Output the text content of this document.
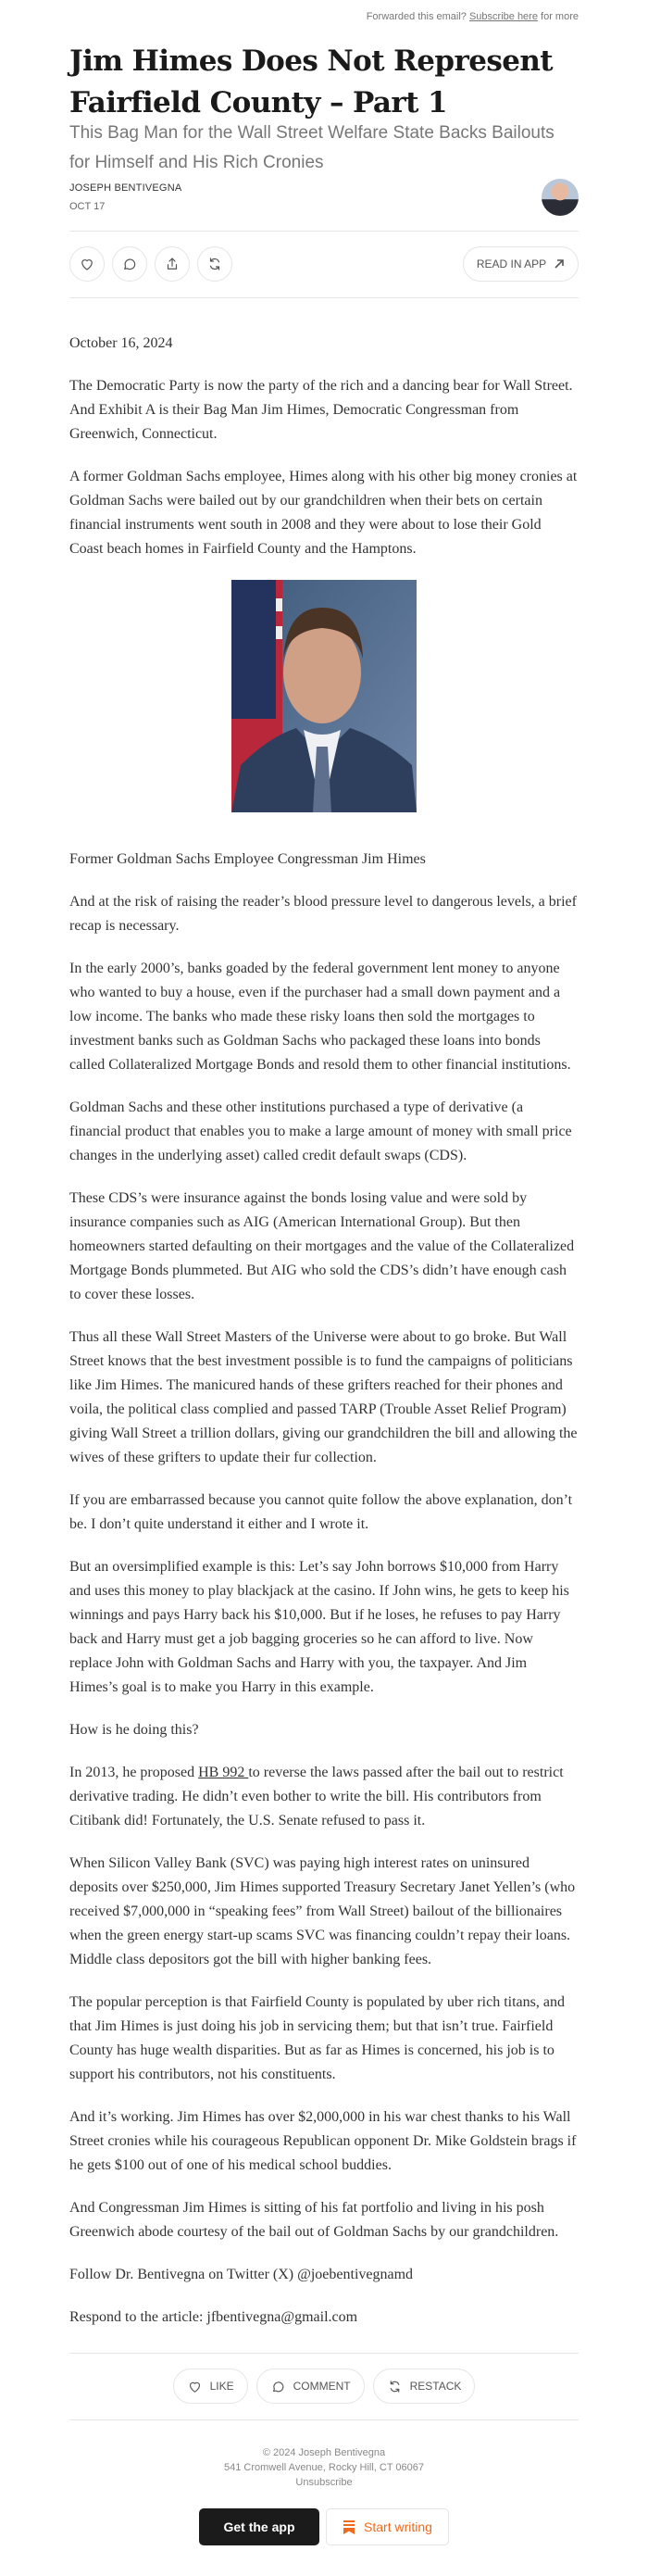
Forwarded this email? Subscribe here for more
Jim Himes Does Not Represent Fairfield County – Part 1
This Bag Man for the Wall Street Welfare State Backs Bailouts for Himself and His Rich Cronies
JOSEPH BENTIVEGNA
OCT 17
READ IN APP

October 16, 2024

The Democratic Party is now the party of the rich and a dancing bear for Wall Street. And Exhibit A is their Bag Man Jim Himes, Democratic Congressman from Greenwich, Connecticut.

A former Goldman Sachs employee, Himes along with his other big money cronies at Goldman Sachs were bailed out by our grandchildren when their bets on certain financial instruments went south in 2008 and they were about to lose their Gold Coast beach homes in Fairfield County and the Hamptons.

Former Goldman Sachs Employee Congressman Jim Himes

And at the risk of raising the reader’s blood pressure level to dangerous levels, a brief recap is necessary.

In the early 2000’s, banks goaded by the federal government lent money to anyone who wanted to buy a house, even if the purchaser had a small down payment and a low income. The banks who made these risky loans then sold the mortgages to investment banks such as Goldman Sachs who packaged these loans into bonds called Collateralized Mortgage Bonds and resold them to other financial institutions.

Goldman Sachs and these other institutions purchased a type of derivative (a financial product that enables you to make a large amount of money with small price changes in the underlying asset) called credit default swaps (CDS).

These CDS’s were insurance against the bonds losing value and were sold by insurance companies such as AIG (American International Group). But then homeowners started defaulting on their mortgages and the value of the Collateralized Mortgage Bonds plummeted. But AIG who sold the CDS’s didn’t have enough cash to cover these losses.

Thus all these Wall Street Masters of the Universe were about to go broke. But Wall Street knows that the best investment possible is to fund the campaigns of politicians like Jim Himes. The manicured hands of these grifters reached for their phones and voila, the political class complied and passed TARP (Trouble Asset Relief Program) giving Wall Street a trillion dollars, giving our grandchildren the bill and allowing the wives of these grifters to update their fur collection.

If you are embarrassed because you cannot quite follow the above explanation, don’t be. I don’t quite understand it either and I wrote it.

But an oversimplified example is this: Let’s say John borrows $10,000 from Harry and uses this money to play blackjack at the casino. If John wins, he gets to keep his winnings and pays Harry back his $10,000. But if he loses, he refuses to pay Harry back and Harry must get a job bagging groceries so he can afford to live. Now replace John with Goldman Sachs and Harry with you, the taxpayer. And Jim Himes’s goal is to make you Harry in this example.

How is he doing this?

In 2013, he proposed HB 992 to reverse the laws passed after the bail out to restrict derivative trading. He didn’t even bother to write the bill. His contributors from Citibank did! Fortunately, the U.S. Senate refused to pass it.

When Silicon Valley Bank (SVC) was paying high interest rates on uninsured deposits over $250,000, Jim Himes supported Treasury Secretary Janet Yellen’s (who received $7,000,000 in “speaking fees” from Wall Street) bailout of the billionaires when the green energy start-up scams SVC was financing couldn’t repay their loans. Middle class depositors got the bill with higher banking fees.

The popular perception is that Fairfield County is populated by uber rich titans, and that Jim Himes is just doing his job in servicing them; but that isn’t true. Fairfield County has huge wealth disparities. But as far as Himes is concerned, his job is to support his contributors, not his constituents.

And it’s working. Jim Himes has over $2,000,000 in his war chest thanks to his Wall Street cronies while his courageous Republican opponent Dr. Mike Goldstein brags if he gets $100 out of one of his medical school buddies.

And Congressman Jim Himes is sitting of his fat portfolio and living in his posh Greenwich abode courtesy of the bail out of Goldman Sachs by our grandchildren.

Follow Dr. Bentivegna on Twitter (X) @joebentivegnamd

Respond to the article: jfbentivegna@gmail.com

LIKE	COMMENT	RESTACK
© 2024 Joseph Bentivegna
541 Cromwell Avenue, Rocky Hill, CT 06067
Unsubscribe
Get the app	Start writing
